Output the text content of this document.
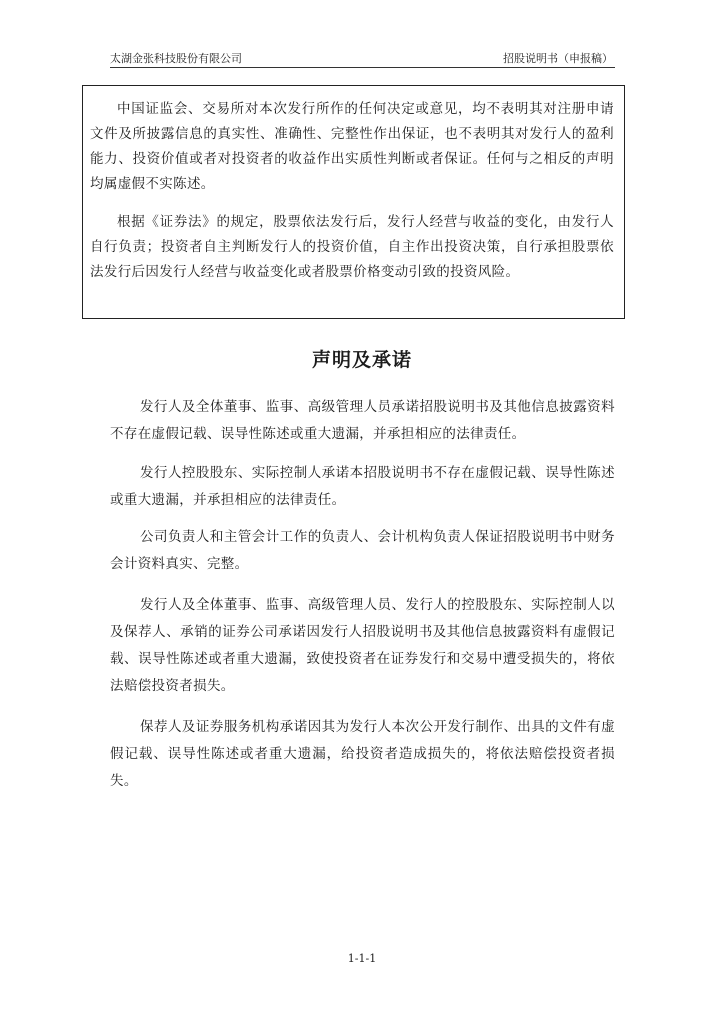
太湖金张科技股份有限公司	招股说明书（申报稿）

中国证监会、交易所对本次发行所作的任何决定或意见，均不表明其对注册申请文件及所披露信息的真实性、准确性、完整性作出保证，也不表明其对发行人的盈利能力、投资价值或者对投资者的收益作出实质性判断或者保证。任何与之相反的声明均属虚假不实陈述。

根据《证券法》的规定，股票依法发行后，发行人经营与收益的变化，由发行人自行负责；投资者自主判断发行人的投资价值，自主作出投资决策，自行承担股票依法发行后因发行人经营与收益变化或者股票价格变动引致的投资风险。

声明及承诺

发行人及全体董事、监事、高级管理人员承诺招股说明书及其他信息披露资料不存在虚假记载、误导性陈述或重大遗漏，并承担相应的法律责任。

发行人控股股东、实际控制人承诺本招股说明书不存在虚假记载、误导性陈述或重大遗漏，并承担相应的法律责任。

公司负责人和主管会计工作的负责人、会计机构负责人保证招股说明书中财务会计资料真实、完整。

发行人及全体董事、监事、高级管理人员、发行人的控股股东、实际控制人以及保荐人、承销的证券公司承诺因发行人招股说明书及其他信息披露资料有虚假记载、误导性陈述或者重大遗漏，致使投资者在证券发行和交易中遭受损失的，将依法赔偿投资者损失。

保荐人及证券服务机构承诺因其为发行人本次公开发行制作、出具的文件有虚假记载、误导性陈述或者重大遗漏，给投资者造成损失的，将依法赔偿投资者损失。

1-1-1
